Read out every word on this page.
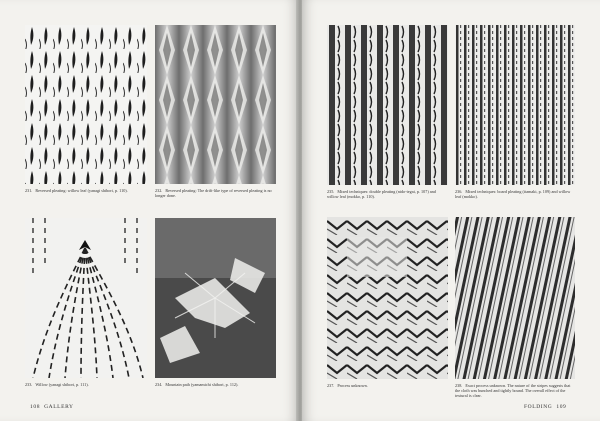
231. Reversed pleating: willow leaf (yanagi shibori, p. 110).	232. Reversed pleating: The drift-like type of reversed pleating is no longer done.
233. Willow (yanagi shibori, p. 111).	234. Mountain path (yamamichi shibori, p. 112).
108 GALLERY
235. Mixed techniques: double pleating (nido-tegai, p. 107) and willow leaf (mokko, p. 110).
236. Mixed techniques: board pleating (itamaki, p. 109) and willow leaf (mokko).
237. Process unknown.	238. Exact process unknown. The nature of the stripes suggests that the cloth was bunched and tightly bound. The overall effect of the textural is clear.
FOLDING 109
